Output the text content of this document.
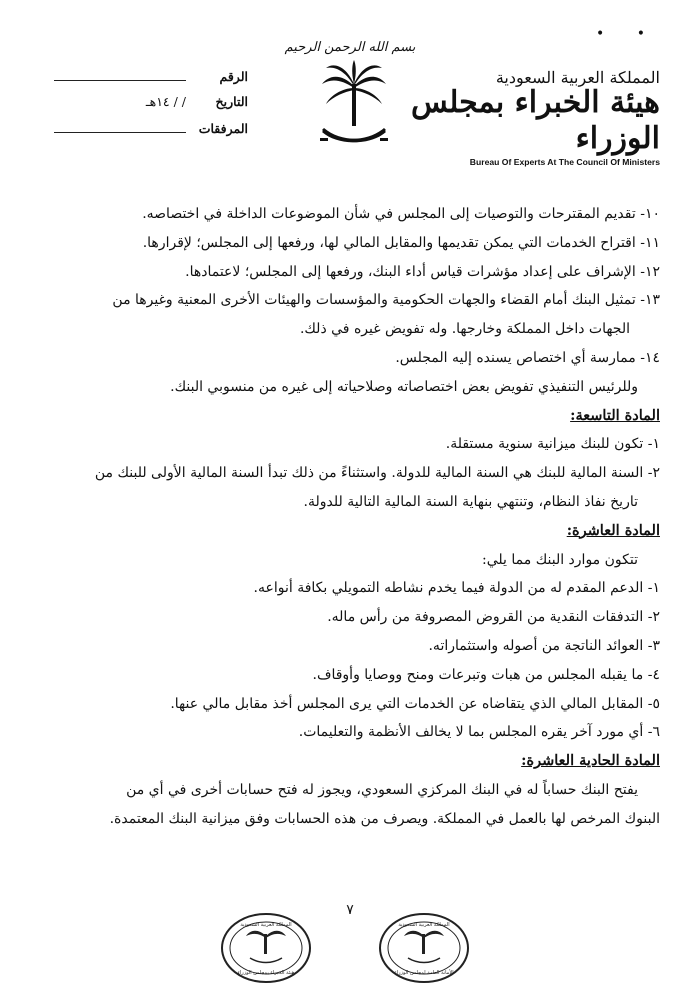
• •
بسم الله الرحمن الرحيم
المملكة العربية السعودية
هيئة الخبراء بمجلس الوزراء
Bureau Of Experts At The Council Of Ministers
الرقم
التاريخ
/ / ١٤هـ
المرفقات
١٠- تقديم المقترحات والتوصيات إلى المجلس في شأن الموضوعات الداخلة في اختصاصه.
١١- اقتراح الخدمات التي يمكن تقديمها والمقابل المالي لها، ورفعها إلى المجلس؛ لإقرارها.
١٢- الإشراف على إعداد مؤشرات قياس أداء البنك، ورفعها إلى المجلس؛ لاعتمادها.
١٣- تمثيل البنك أمام القضاء والجهات الحكومية والمؤسسات والهيئات الأخرى المعنية وغيرها من
الجهات داخل المملكة وخارجها. وله تفويض غيره في ذلك.
١٤- ممارسة أي اختصاص يسنده إليه المجلس.
وللرئيس التنفيذي تفويض بعض اختصاصاته وصلاحياته إلى غيره من منسوبي البنك.
المادة التاسعة:
١- تكون للبنك ميزانية سنوية مستقلة.
٢- السنة المالية للبنك هي السنة المالية للدولة. واستثناءً من ذلك تبدأ السنة المالية الأولى للبنك من
تاريخ نفاذ النظام، وتنتهي بنهاية السنة المالية التالية للدولة.
المادة العاشرة:
تتكون موارد البنك مما يلي:
١- الدعم المقدم له من الدولة فيما يخدم نشاطه التمويلي بكافة أنواعه.
٢- التدفقات النقدية من القروض المصروفة من رأس ماله.
٣- العوائد الناتجة من أصوله واستثماراته.
٤- ما يقبله المجلس من هبات وتبرعات ومنح ووصايا وأوقاف.
٥- المقابل المالي الذي يتقاضاه عن الخدمات التي يرى المجلس أخذ مقابل مالي عنها.
٦- أي مورد آخر يقره المجلس بما لا يخالف الأنظمة والتعليمات.
المادة الحادية العاشرة:
يفتح البنك حساباً له في البنك المركزي السعودي، ويجوز له فتح حسابات أخرى في أي من
البنوك المرخص لها بالعمل في المملكة. ويصرف من هذه الحسابات وفق ميزانية البنك المعتمدة.
٧
المملكة العربية السعودية
هيئة الخبراء بمجلس الوزراء
المملكة العربية السعودية
الأمانة العامة لمجلس الوزراء
